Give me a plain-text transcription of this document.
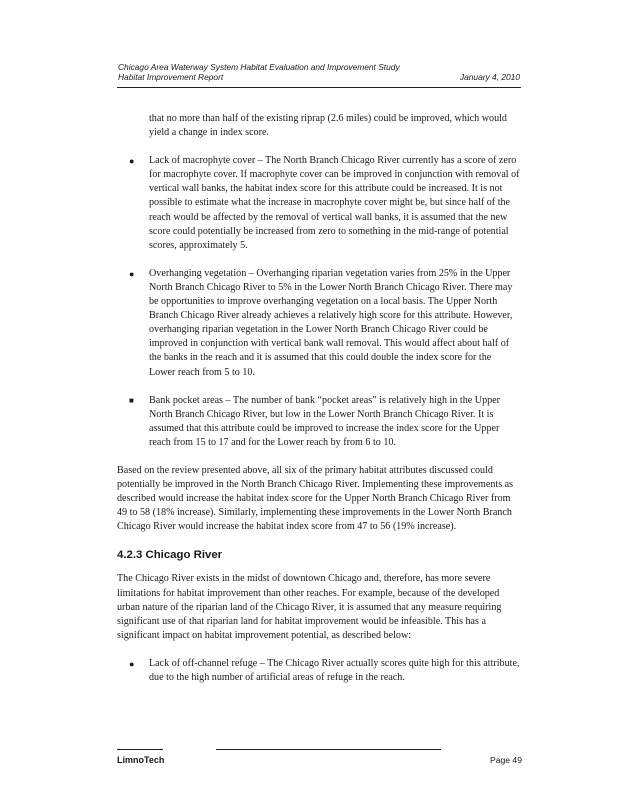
Chicago Area Waterway System Habitat Evaluation and Improvement Study
Habitat Improvement Report	January 4, 2010

that no more than half of the existing riprap (2.6 miles) could be improved, which would yield a change in index score.

●	Lack of macrophyte cover – The North Branch Chicago River currently has a score of zero for macrophyte cover. If macrophyte cover can be improved in conjunction with removal of vertical wall banks, the habitat index score for this attribute could be increased. It is not possible to estimate what the increase in macrophyte cover might be, but since half of the reach would be affected by the removal of vertical wall banks, it is assumed that the new score could potentially be increased from zero to something in the mid-range of potential scores, approximately 5.
●	Overhanging vegetation – Overhanging riparian vegetation varies from 25% in the Upper North Branch Chicago River to 5% in the Lower North Branch Chicago River. There may be opportunities to improve overhanging vegetation on a local basis. The Upper North Branch Chicago River already achieves a relatively high score for this attribute. However, overhanging riparian vegetation in the Lower North Branch Chicago River could be improved in conjunction with vertical bank wall removal. This would affect about half of the banks in the reach and it is assumed that this could double the index score for the Lower reach from 5 to 10.
■	Bank pocket areas – The number of bank “pocket areas” is relatively high in the Upper North Branch Chicago River, but low in the Lower North Branch Chicago River. It is assumed that this attribute could be improved to increase the index score for the Upper reach from 15 to 17 and for the Lower reach by from 6 to 10.

Based on the review presented above, all six of the primary habitat attributes discussed could potentially be improved in the North Branch Chicago River. Implementing these improvements as described would increase the habitat index score for the Upper North Branch Chicago River from 49 to 58 (18% increase). Similarly, implementing these improvements in the Lower North Branch Chicago River would increase the habitat index score from 47 to 56 (19% increase).

4.2.3 Chicago River

The Chicago River exists in the midst of downtown Chicago and, therefore, has more severe limitations for habitat improvement than other reaches. For example, because of the developed urban nature of the riparian land of the Chicago River, it is assumed that any measure requiring significant use of that riparian land for habitat improvement would be infeasible. This has a significant impact on habitat improvement potential, as described below:

●	Lack of off-channel refuge – The Chicago River actually scores quite high for this attribute, due to the high number of artificial areas of refuge in the reach.
LimnoTech	Page 49
